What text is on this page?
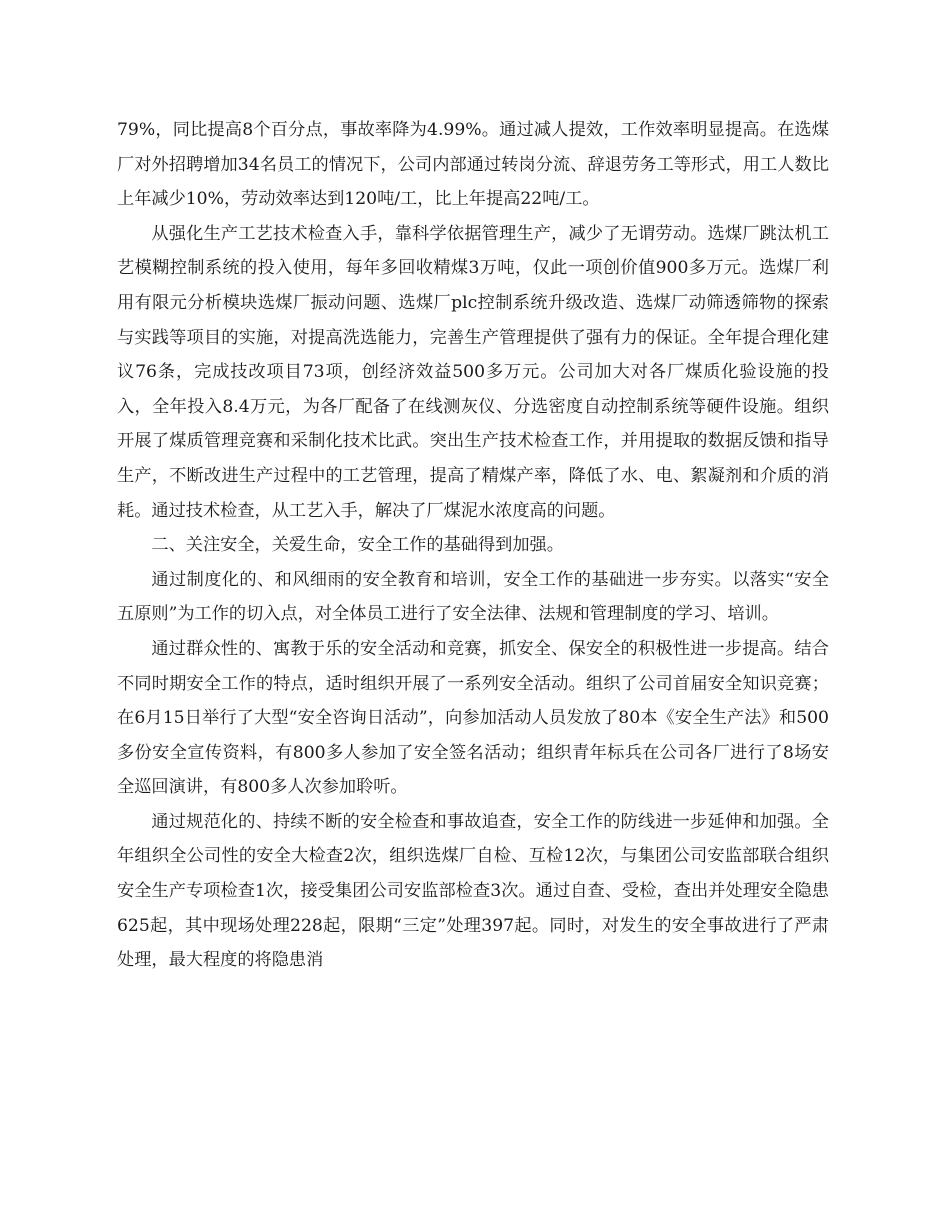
79%，同比提高8个百分点，事故率降为4.99%。通过减人提效，工作效率明显提高。在选煤厂对外招聘增加34名员工的情况下，公司内部通过转岗分流、辞退劳务工等形式，用工人数比上年减少10%，劳动效率达到120吨/工，比上年提高22吨/工。

从强化生产工艺技术检查入手，靠科学依据管理生产，减少了无谓劳动。选煤厂跳汰机工艺模糊控制系统的投入使用，每年多回收精煤3万吨，仅此一项创价值900多万元。选煤厂利用有限元分析模块选煤厂振动问题、选煤厂plc控制系统升级改造、选煤厂动筛透筛物的探索与实践等项目的实施，对提高洗选能力，完善生产管理提供了强有力的保证。全年提合理化建议76条，完成技改项目73项，创经济效益500多万元。公司加大对各厂煤质化验设施的投入，全年投入8.4万元，为各厂配备了在线测灰仪、分选密度自动控制系统等硬件设施。组织开展了煤质管理竞赛和采制化技术比武。突出生产技术检查工作，并用提取的数据反馈和指导生产，不断改进生产过程中的工艺管理，提高了精煤产率，降低了水、电、絮凝剂和介质的消耗。通过技术检查，从工艺入手，解决了厂煤泥水浓度高的问题。

二、关注安全，关爱生命，安全工作的基础得到加强。

通过制度化的、和风细雨的安全教育和培训，安全工作的基础进一步夯实。以落实“安全五原则”为工作的切入点，对全体员工进行了安全法律、法规和管理制度的学习、培训。

通过群众性的、寓教于乐的安全活动和竞赛，抓安全、保安全的积极性进一步提高。结合不同时期安全工作的特点，适时组织开展了一系列安全活动。组织了公司首届安全知识竞赛；在6月15日举行了大型“安全咨询日活动”，向参加活动人员发放了80本《安全生产法》和500多份安全宣传资料，有800多人参加了安全签名活动；组织青年标兵在公司各厂进行了8场安全巡回演讲，有800多人次参加聆听。

通过规范化的、持续不断的安全检查和事故追查，安全工作的防线进一步延伸和加强。全年组织全公司性的安全大检查2次，组织选煤厂自检、互检12次，与集团公司安监部联合组织安全生产专项检查1次，接受集团公司安监部检查3次。通过自查、受检，查出并处理安全隐患625起，其中现场处理228起，限期“三定”处理397起。同时，对发生的安全事故进行了严肃处理，最大程度的将隐患消
